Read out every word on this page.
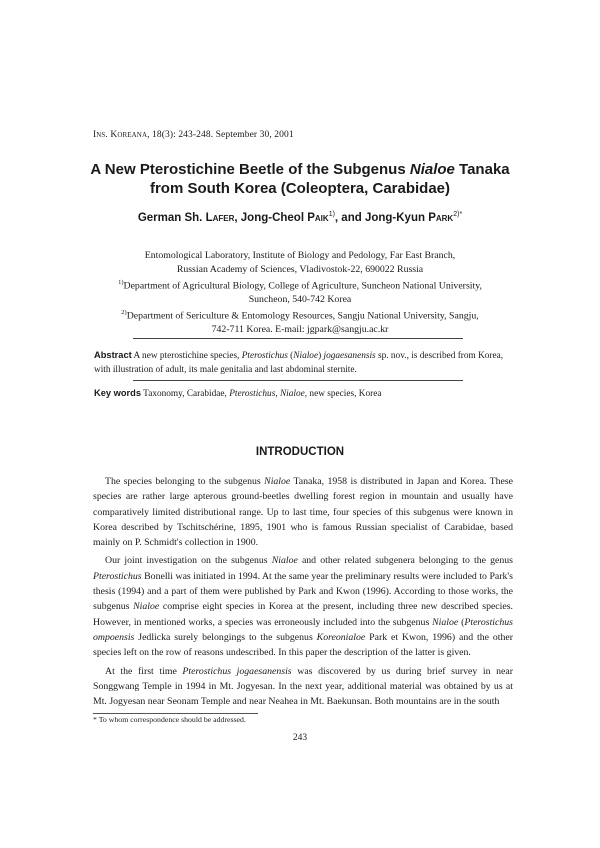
Ins. Koreana, 18(3): 243-248. September 30, 2001
A New Pterostichine Beetle of the Subgenus Nialoe Tanaka
from South Korea (Coleoptera, Carabidae)
German Sh. Lafer, Jong-Cheol Paik$^{1)}$, and Jong-Kyun Park$^{2)*}$

Entomological Laboratory, Institute of Biology and Pedology, Far East Branch,

Russian Academy of Sciences, Vladivostok-22, 690022 Russia

$^{1)}$Department of Agricultural Biology, College of Agriculture, Suncheon National University,

Suncheon, 540-742 Korea

$^{2)}$Department of Sericulture & Entomology Resources, Sangju National University, Sangju,

742-711 Korea. E-mail: jgpark@sangju.ac.kr

Abstract A new pterostichine species, Pterostichus (Nialoe) jogaesanensis sp. nov., is described from Korea, with illustration of adult, its male genitalia and last abdominal sternite.
Key words Taxonomy, Carabidae, Pterostichus, Nialoe, new species, Korea
INTRODUCTION

The species belonging to the subgenus Nialoe Tanaka, 1958 is distributed in Japan and Korea. These species are rather large apterous ground-beetles dwelling forest region in mountain and usually have comparatively limited distributional range. Up to last time, four species of this subgenus were known in Korea described by Tschitschérine, 1895, 1901 who is famous Russian specialist of Carabidae, based mainly on P. Schmidt's collection in 1900.

Our joint investigation on the subgenus Nialoe and other related subgenera belonging to the genus Pterostichus Bonelli was initiated in 1994. At the same year the preliminary results were included to Park's thesis (1994) and a part of them were published by Park and Kwon (1996). According to those works, the subgenus Nialoe comprise eight species in Korea at the present, including three new described species. However, in mentioned works, a species was erroneously included into the subgenus Nialoe (Pterostichus ompoensis Jedlicka surely belongings to the subgenus Koreonialoe Park et Kwon, 1996) and the other species left on the row of reasons undescribed. In this paper the description of the latter is given.

At the first time Pterostichus jogaesanensis was discovered by us during brief survey in near Songgwang Temple in 1994 in Mt. Jogyesan. In the next year, additional material was obtained by us at Mt. Jogyesan near Seonam Temple and near Neahea in Mt. Baekunsan. Both mountains are in the south

* To whom correspondence should be addressed.
243
